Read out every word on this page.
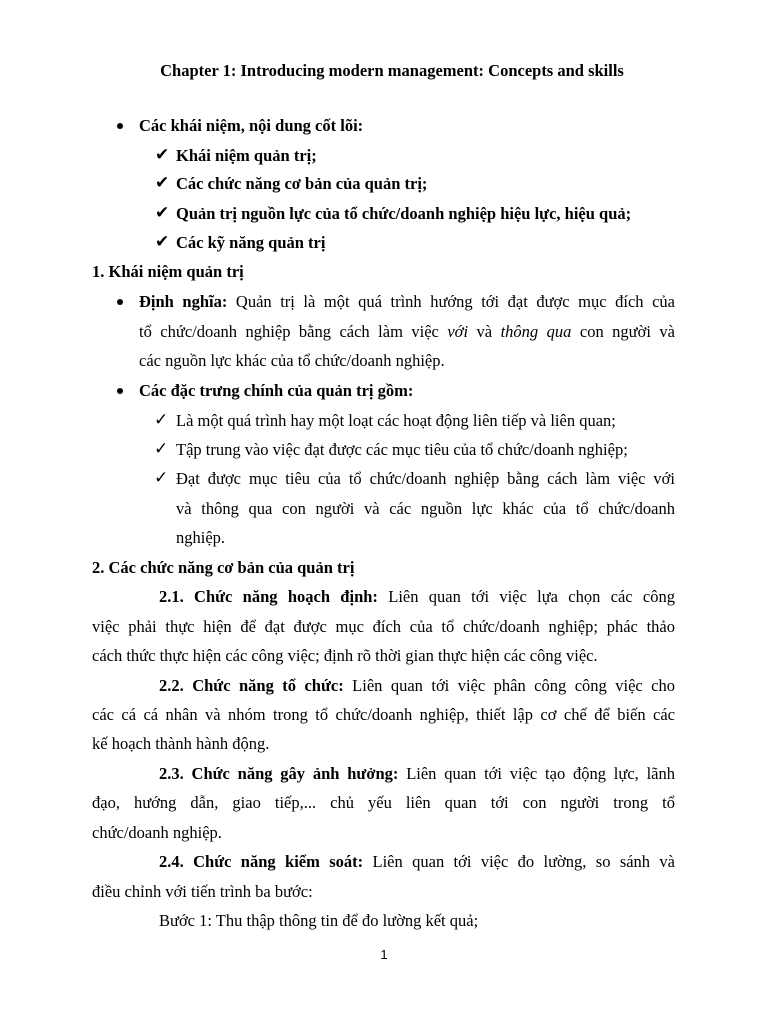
Chapter 1: Introducing modern management: Concepts and skills
Các khái niệm, nội dung cốt lõi:
✔ Khái niệm quản trị;
✔ Các chức năng cơ bản của quản trị;
✔ Quản trị nguồn lực của tổ chức/doanh nghiệp hiệu lực, hiệu quả;
✔ Các kỹ năng quản trị
1. Khái niệm quản trị
Định nghĩa: Quản trị là một quá trình hướng tới đạt được mục đích của
tổ chức/doanh nghiệp bằng cách làm việc với và thông qua con người và
các nguồn lực khác của tổ chức/doanh nghiệp.
Các đặc trưng chính của quản trị gồm:
✓ Là một quá trình hay một loạt các hoạt động liên tiếp và liên quan;
✓ Tập trung vào việc đạt được các mục tiêu của tổ chức/doanh nghiệp;
✓ Đạt được mục tiêu của tổ chức/doanh nghiệp bằng cách làm việc với
và thông qua con người và các nguồn lực khác của tổ chức/doanh
nghiệp.
2. Các chức năng cơ bản của quản trị
2.1. Chức năng hoạch định: Liên quan tới việc lựa chọn các công
việc phải thực hiện để đạt được mục đích của tổ chức/doanh nghiệp; phác thảo
cách thức thực hiện các công việc; định rõ thời gian thực hiện các công việc.
2.2. Chức năng tổ chức: Liên quan tới việc phân công công việc cho
các cá cá nhân và nhóm trong tổ chức/doanh nghiệp, thiết lập cơ chế để biến các
kế hoạch thành hành động.
2.3. Chức năng gây ảnh hưởng: Liên quan tới việc tạo động lực, lãnh
đạo, hướng dẫn, giao tiếp,... chủ yếu liên quan tới con người trong tổ
chức/doanh nghiệp.
2.4. Chức năng kiểm soát: Liên quan tới việc đo lường, so sánh và
điều chỉnh với tiến trình ba bước:
Bước 1: Thu thập thông tin để đo lường kết quả;
1
